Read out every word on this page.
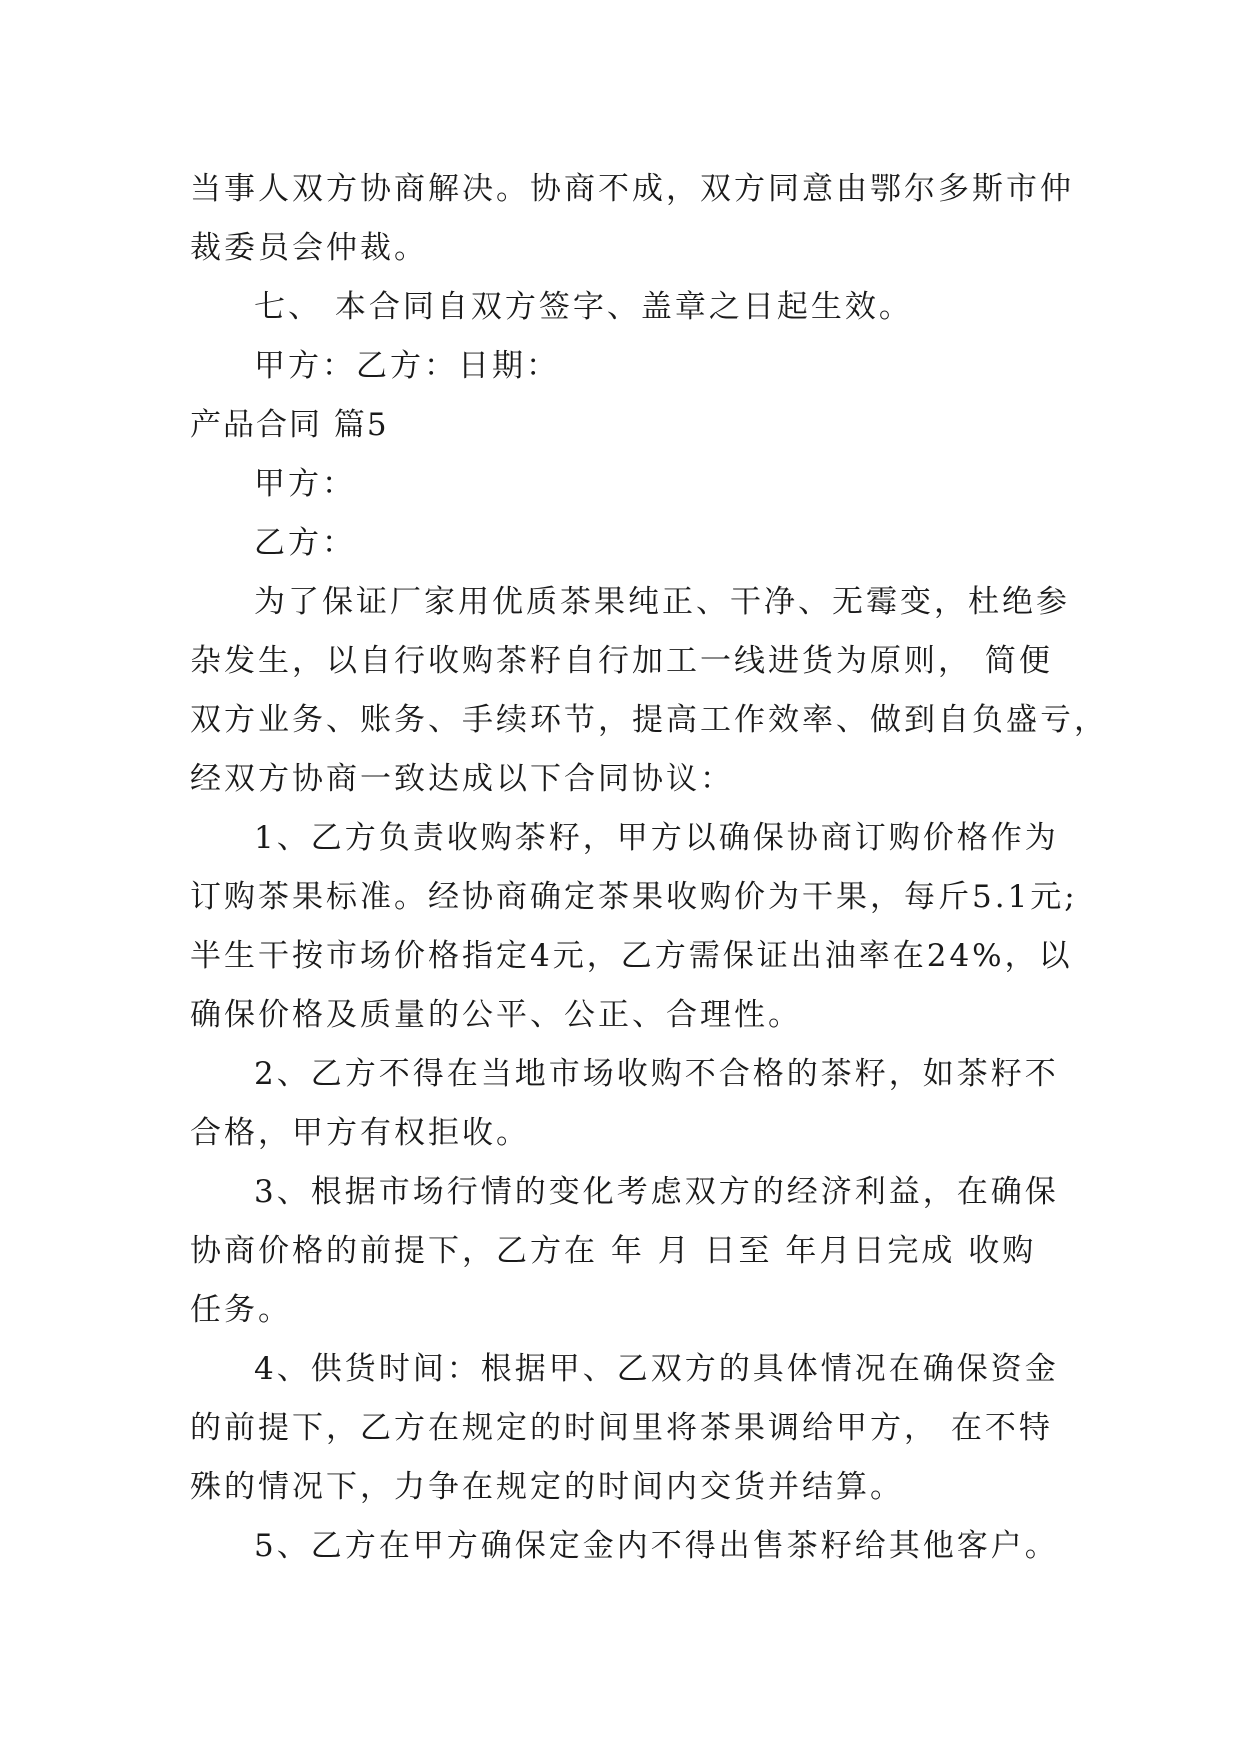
当事人双方协商解决。协商不成，双方同意由鄂尔多斯市仲
裁委员会仲裁。
七、 本合同自双方签字、盖章之日起生效。
甲方：乙方：日期：
产品合同 篇5
甲方：
乙方：
为了保证厂家用优质茶果纯正、干净、无霉变，杜绝参
杂发生，以自行收购茶籽自行加工一线进货为原则， 简便
双方业务、账务、手续环节，提高工作效率、做到自负盛亏，
经双方协商一致达成以下合同协议：
1、乙方负责收购茶籽，甲方以确保协商订购价格作为
订购茶果标准。经协商确定茶果收购价为干果，每斤5.1元;
半生干按市场价格指定4元，乙方需保证出油率在24%，以
确保价格及质量的公平、公正、合理性。
2、乙方不得在当地市场收购不合格的茶籽，如茶籽不
合格，甲方有权拒收。
3、根据市场行情的变化考虑双方的经济利益，在确保
协商价格的前提下，乙方在 年 月 日至 年月日完成 收购
任务。
4、供货时间：根据甲、乙双方的具体情况在确保资金
的前提下，乙方在规定的时间里将茶果调给甲方， 在不特
殊的情况下，力争在规定的时间内交货并结算。
5、乙方在甲方确保定金内不得出售茶籽给其他客户。
